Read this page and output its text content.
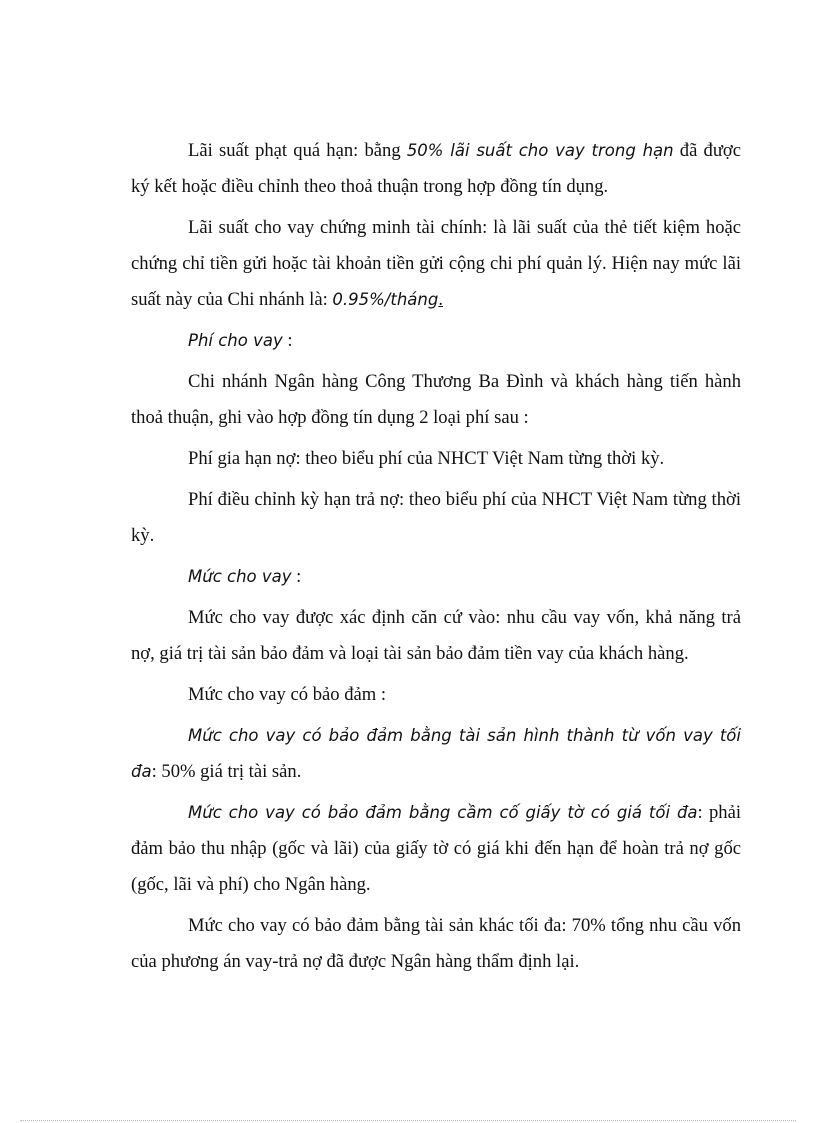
Lãi suất phạt quá hạn: bằng 50% lãi suất cho vay trong hạn đã được ký kết hoặc điều chỉnh theo thoả thuận trong hợp đồng tín dụng.

Lãi suất cho vay chứng minh tài chính: là lãi suất của thẻ tiết kiệm hoặc chứng chỉ tiền gửi hoặc tài khoản tiền gửi cộng chi phí quản lý. Hiện nay mức lãi suất này của Chi nhánh là: 0.95%/tháng.

Phí cho vay :

Chi nhánh Ngân hàng Công Thương Ba Đình và khách hàng tiến hành thoả thuận, ghi vào hợp đồng tín dụng 2 loại phí sau :

Phí gia hạn nợ: theo biểu phí của NHCT Việt Nam từng thời kỳ.

Phí điều chỉnh kỳ hạn trả nợ: theo biểu phí của NHCT Việt Nam từng thời kỳ.

Mức cho vay :

Mức cho vay được xác định căn cứ vào: nhu cầu vay vốn, khả năng trả nợ, giá trị tài sản bảo đảm và loại tài sản bảo đảm tiền vay của khách hàng.

Mức cho vay có bảo đảm :

Mức cho vay có bảo đảm bằng tài sản hình thành từ vốn vay tối đa: 50% giá trị tài sản.

Mức cho vay có bảo đảm bằng cầm cố giấy tờ có giá tối đa: phải đảm bảo thu nhập (gốc và lãi) của giấy tờ có giá khi đến hạn để hoàn trả nợ gốc (gốc, lãi và phí) cho Ngân hàng.

Mức cho vay có bảo đảm bằng tài sản khác tối đa: 70% tổng nhu cầu vốn của phương án vay-trả nợ đã được Ngân hàng thẩm định lại.
